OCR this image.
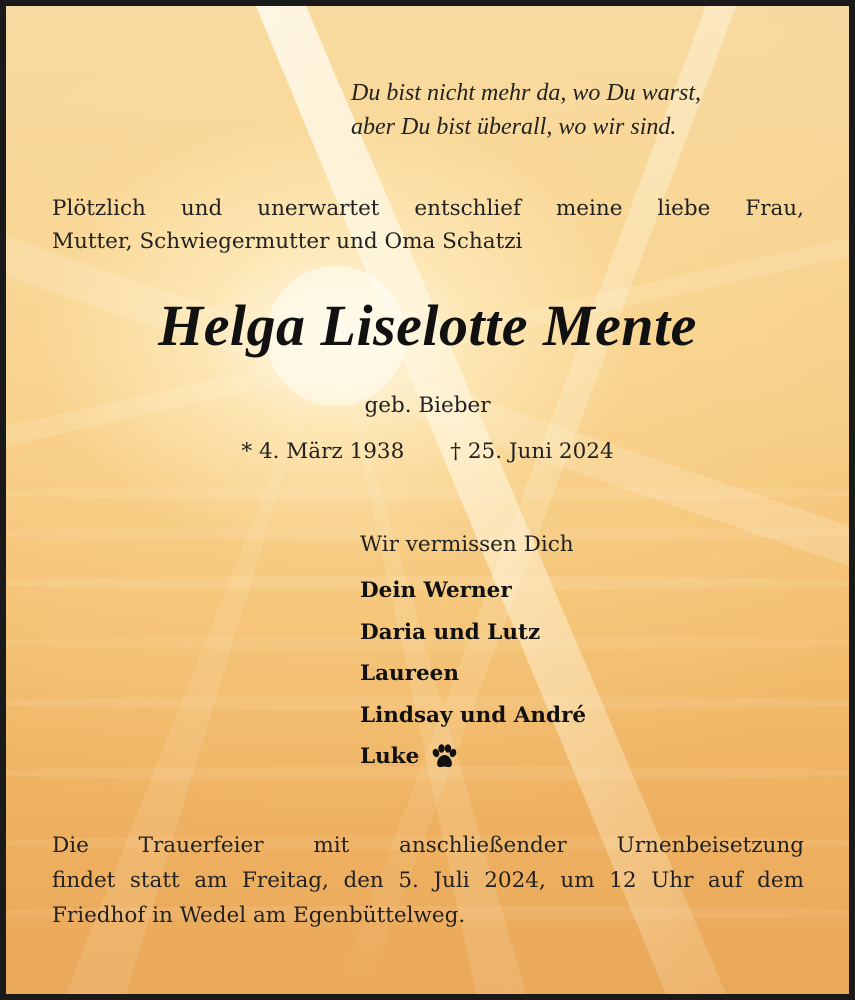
Du bist nicht mehr da, wo Du warst,
aber Du bist überall, wo wir sind.
Plötzlich und unerwartet entschlief meine liebe Frau,
Mutter, Schwiegermutter und Oma Schatzi
Helga Liselotte Mente
geb. Bieber
* 4. März 1938 † 25. Juni 2024
Wir vermissen Dich
Dein Werner
Daria und Lutz
Laureen
Lindsay und André
Luke
Die Trauerfeier mit anschließender Urnenbeisetzung
findet statt am Freitag, den 5. Juli 2024, um 12 Uhr auf dem
Friedhof in Wedel am Egenbüttelweg.
